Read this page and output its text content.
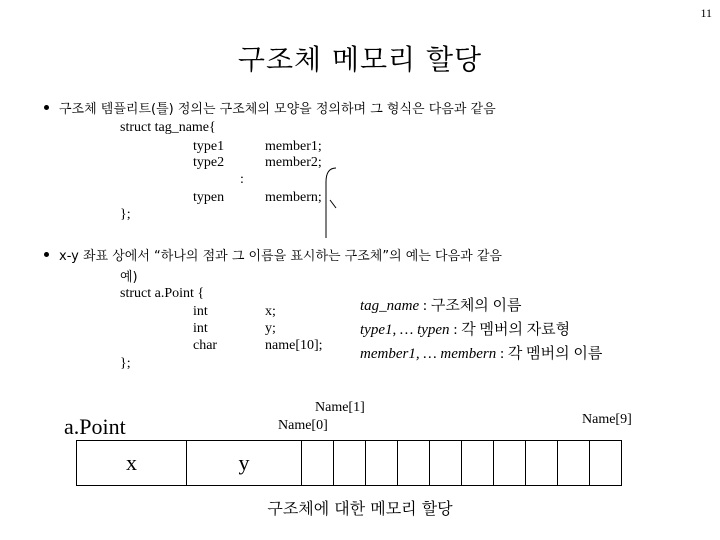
11
구조체 메모리 할당
구조체 템플리트(틀) 정의는 구조체의 모양을 정의하며 그 형식은 다음과 같음
struct tag_name{
type1	member1;
type2	member2;
:
typen	membern;
};
x-y 좌표 상에서 “하나의 점과 그 이름을 표시하는 구조체”의 예는 다음과 같음
예)
struct a.Point {
int	x;
int	y;
char	name[10];
};
tag_name : 구조체의 이름
type1, … typen : 각 멤버의 자료형
member1, … membern : 각 멤버의 이름
a.Point
Name[1]
Name[0]	Name[9]
x	y
구조체에 대한 메모리 할당
